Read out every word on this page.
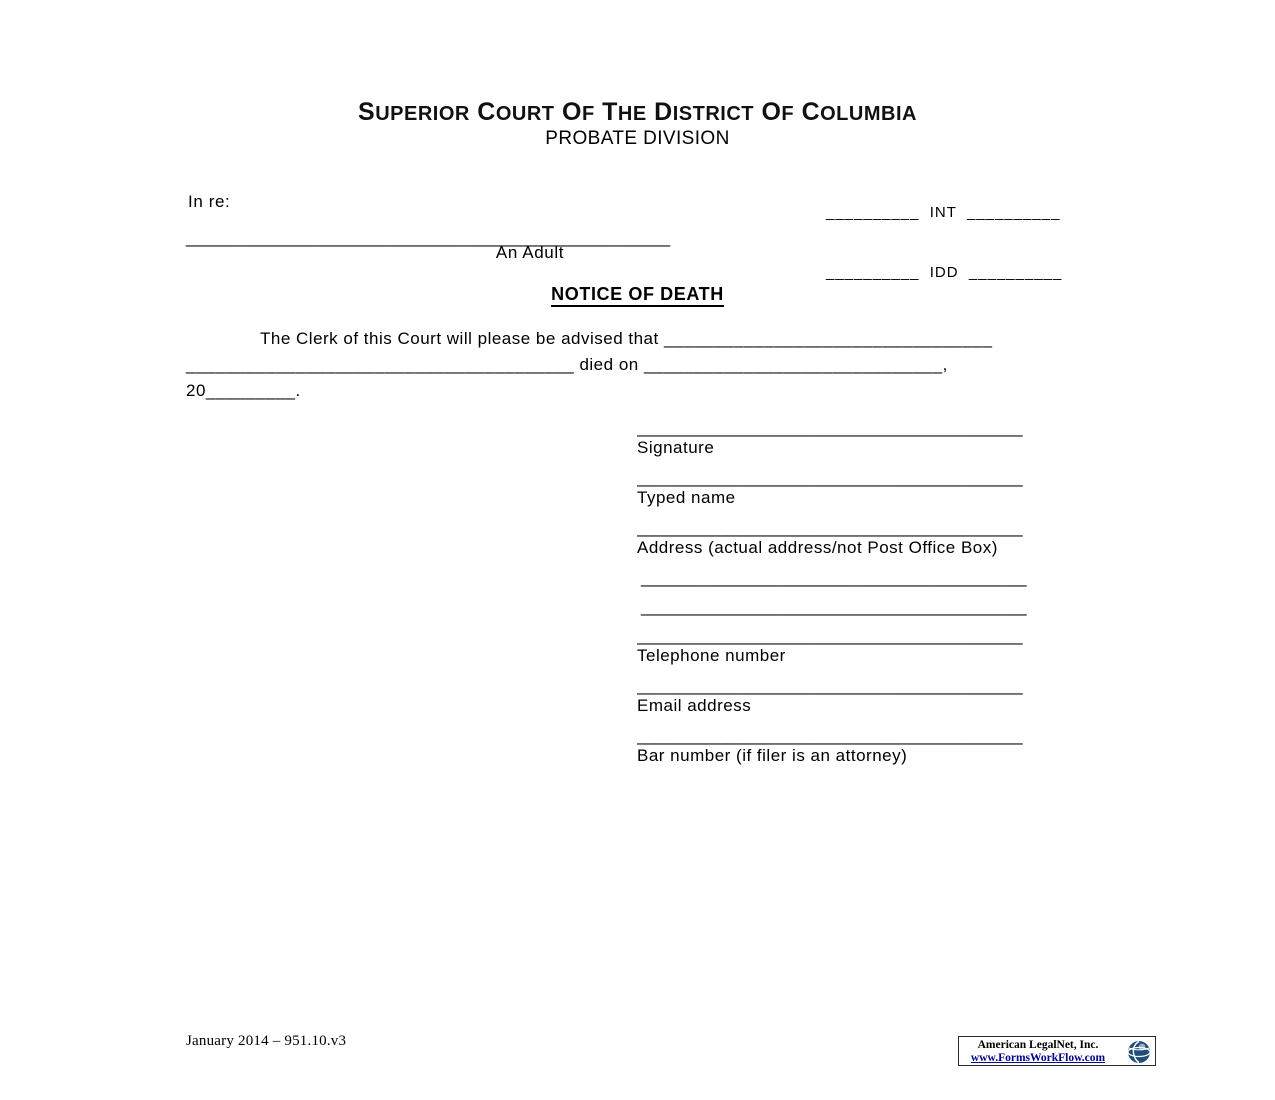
SUPERIOR COURT OF THE DISTRICT OF COLUMBIA
PROBATE DIVISION

__________  INT  __________

__________  IDD  __________

In re:
______________________________________________________
An Adult
NOTICE OF DEATH
The Clerk of this Court will please be advised that _________________________________
_______________________________________ died on ______________________________,
20_________.
___________________________________________
Signature
___________________________________________
Typed name
___________________________________________
Address (actual address/not Post Office Box)
___________________________________________
___________________________________________
___________________________________________
Telephone number
___________________________________________
Email address
___________________________________________
Bar number (if filer is an attorney)
January 2014 – 951.10.v3	American LegalNet, Inc.
www.FormsWorkFlow.com
